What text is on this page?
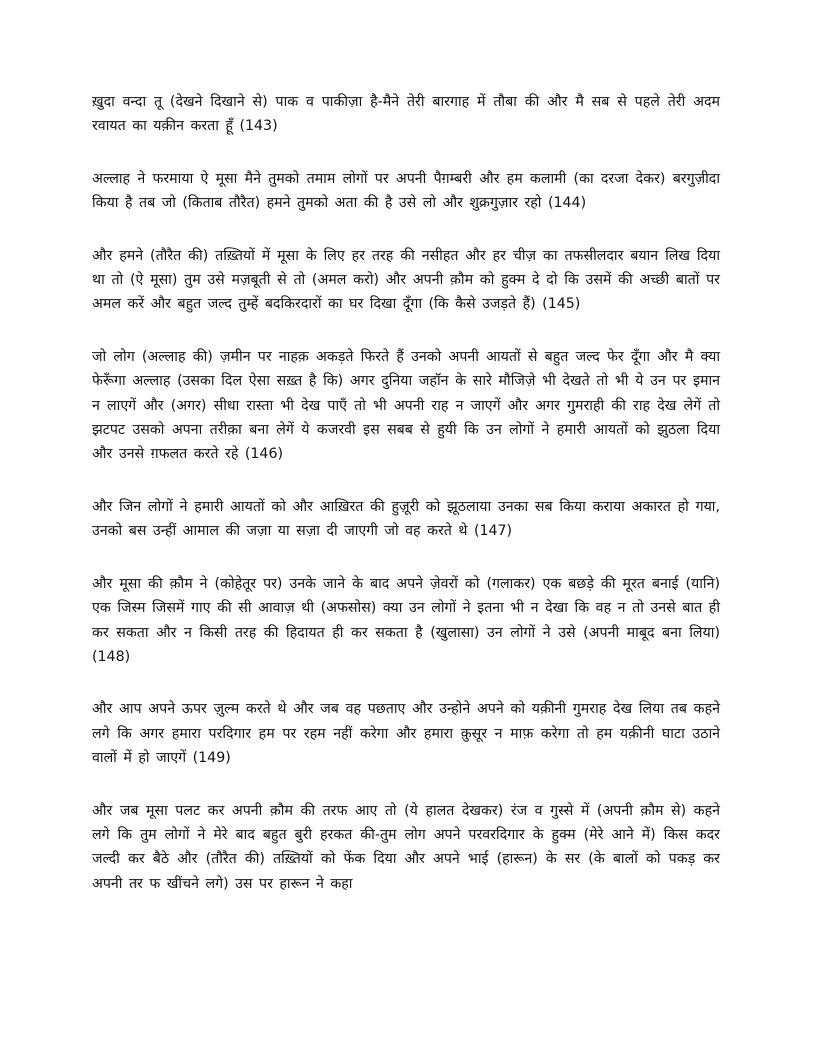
ख़ुदा वन्दा तू (देखने दिखाने से) पाक व पाकीज़ा है-मैने तेरी बारगाह में तौबा की और मै सब से पहले तेरी अदम रवायत का यक़ीन करता हूँ (143)

अल्लाह ने फरमाया ऐ मूसा मैने तुमको तमाम लोगों पर अपनी पैग़म्बरी और हम कलामी (का दरजा देकर) बरगुज़ीदा किया है तब जो (किताब तौरैत) हमने तुमको अता की है उसे लो और शुक्रगुज़ार रहो (144)

और हमने (तौरैत की) तख़्तियों में मूसा के लिए हर तरह की नसीहत और हर चीज़ का तफसीलदार बयान लिख दिया था तो (ऐ मूसा) तुम उसे मज़बूती से तो (अमल करो) और अपनी क़ौम को हुक्म दे दो कि उसमें की अच्छी बातों पर अमल करें और बहुत जल्द तुम्हें बदकिरदारों का घर दिखा दूँगा (कि कैसे उजड़ते हैं) (145)

जो लोग (अल्लाह की) ज़मीन पर नाहक़ अकड़ते फिरते हैं उनको अपनी आयतों से बहुत जल्द फेर दूँगा और मै क्या फेरूँगा अल्लाह (उसका दिल ऐसा सख़्त है कि) अगर दुनिया जहॉन के सारे मौजिज़े भी देखते तो भी ये उन पर इमान न लाएगें और (अगर) सीधा रास्ता भी देख पाएँ तो भी अपनी राह न जाएगें और अगर गुमराही की राह देख लेगें तो झटपट उसको अपना तरीक़ा बना लेगें ये कजरवी इस सबब से हुयी कि उन लोगों ने हमारी आयतों को झुठला दिया और उनसे ग़फलत करते रहे (146)

और जिन लोगों ने हमारी आयतों को और आख़िरत की हुज़ूरी को झूठलाया उनका सब किया कराया अकारत हो गया, उनको बस उन्हीं आमाल की जज़ा या सज़ा दी जाएगी जो वह करते थे (147)

और मूसा की क़ौम ने (कोहेतूर पर) उनके जाने के बाद अपने ज़ेवरों को (गलाकर) एक बछड़े की मूरत बनाई (यानि) एक जिस्म जिसमें गाए की सी आवाज़ थी (अफसोस) क्या उन लोगों ने इतना भी न देखा कि वह न तो उनसे बात ही कर सकता और न किसी तरह की हिदायत ही कर सकता है (खुलासा) उन लोगों ने उसे (अपनी माबूद बना लिया) (148)

और आप अपने ऊपर ज़ुल्म करते थे और जब वह पछताए और उन्होने अपने को यक़ीनी गुमराह देख लिया तब कहने लगे कि अगर हमारा परदिगार हम पर रहम नहीं करेगा और हमारा क़ुसूर न माफ़ करेगा तो हम यक़ीनी घाटा उठाने वालों में हो जाएगें (149)

और जब मूसा पलट कर अपनी क़ौम की तरफ आए तो (ये हालत देखकर) रंज व गुस्से में (अपनी क़ौम से) कहने लगे कि तुम लोगों ने मेरे बाद बहुत बुरी हरकत की-तुम लोग अपने परवरदिगार के हुक्म (मेरे आने में) किस कदर जल्दी कर बैठे और (तौरैत की) तख़्तियों को फेंक दिया और अपने भाई (हारून) के सर (के बालों को पकड़ कर अपनी तर फ खींचने लगे) उस पर हारून ने कहा
